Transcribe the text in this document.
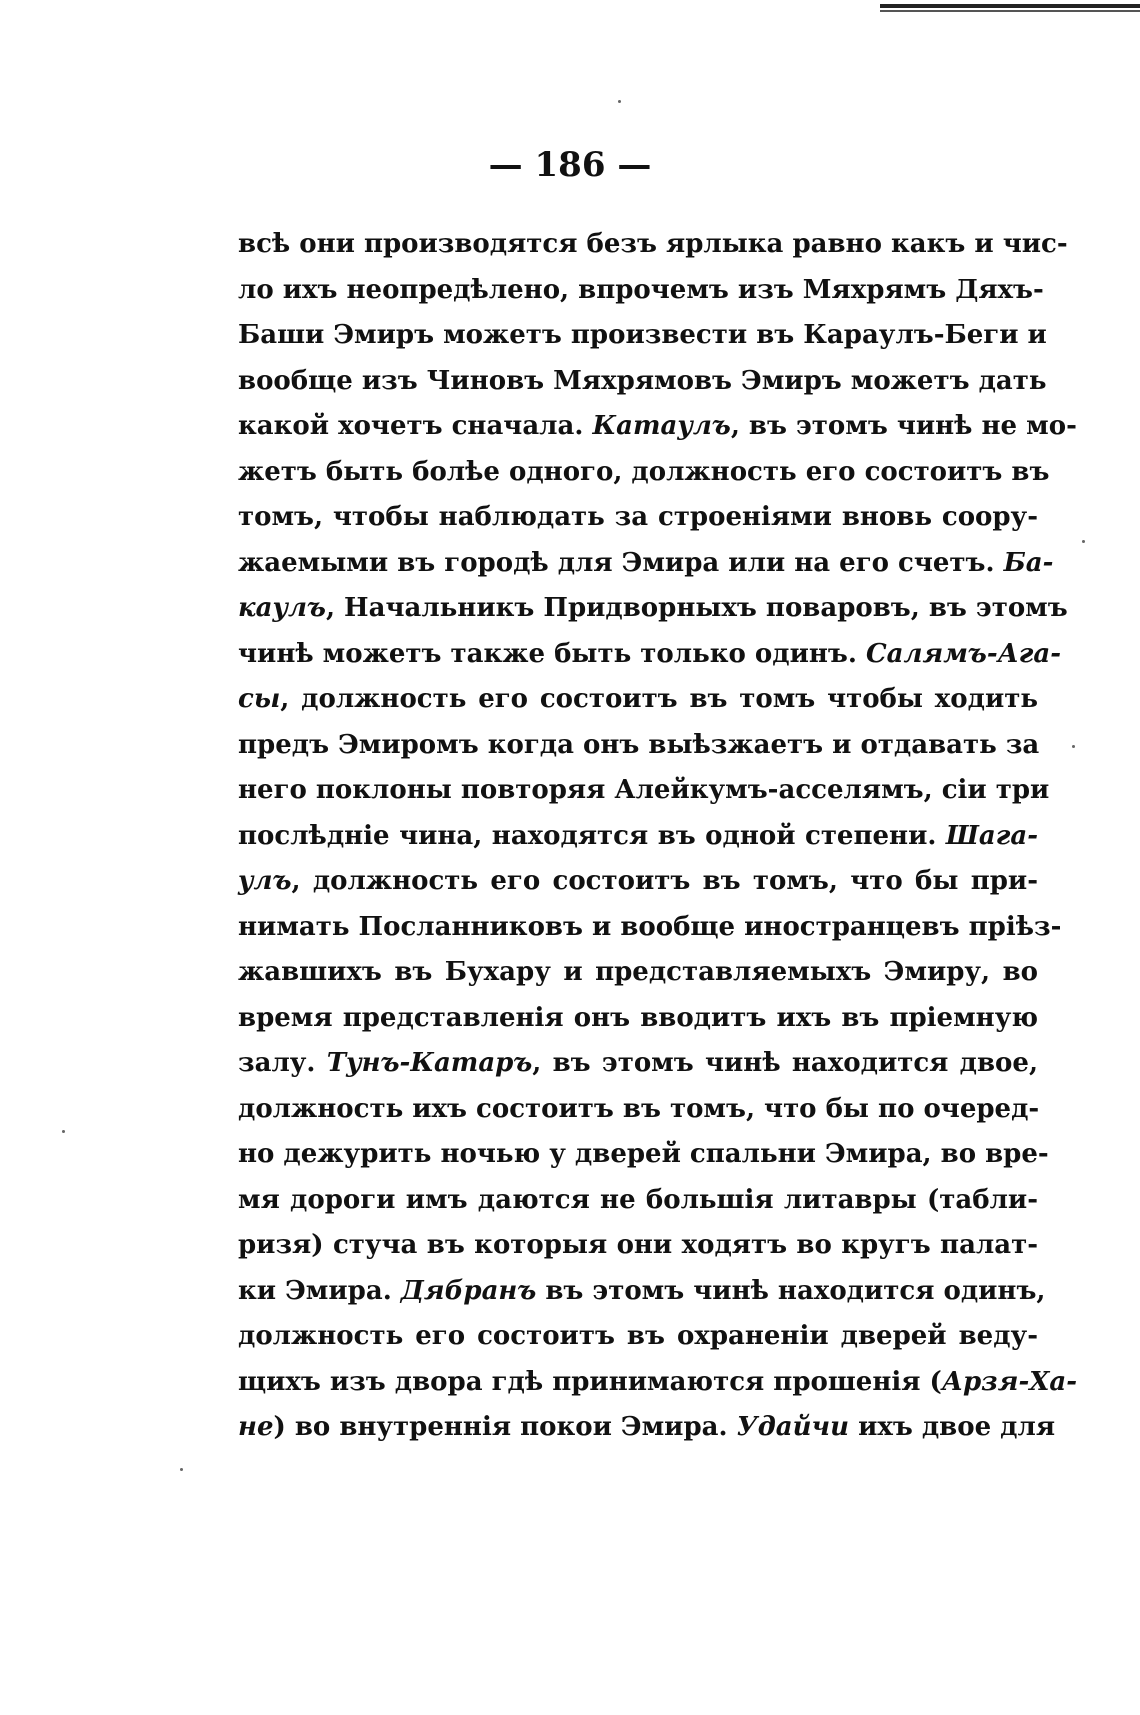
— 186 —
всѣ они производятся безъ ярлыка равно какъ и чис-
ло ихъ неопредѣлено, впрочемъ изъ Мяхрямъ Дяхъ-
Баши Эмиръ можетъ произвести въ Караулъ-Беги и
вообще изъ Чиновъ Мяхрямовъ Эмиръ можетъ дать
какой хочетъ сначала. Катаулъ, въ этомъ чинѣ не мо-
жетъ быть болѣе одного, должность его состоитъ въ
томъ, чтобы наблюдать за строеніями вновь соору-
жаемыми въ городѣ для Эмира или на его счетъ. Ба-
каулъ, Начальникъ Придворныхъ поваровъ, въ этомъ
чинѣ можетъ также быть только одинъ. Салямъ-Ага-
сы, должность его состоитъ въ томъ чтобы ходить
предъ Эмиромъ когда онъ выѣзжаетъ и отдавать за
него поклоны повторяя Алейкумъ-асселямъ, сіи три
послѣдніе чина, находятся въ одной степени. Шага-
улъ, должность его состоитъ въ томъ, что бы при-
нимать Посланниковъ и вообще иностранцевъ пріѣз-
жавшихъ въ Бухару и представляемыхъ Эмиру, во
время представленія онъ вводитъ ихъ въ пріемную
залу. Тунъ-Катаръ, въ этомъ чинѣ находится двое,
должность ихъ состоитъ въ томъ, что бы по очеред-
но дежурить ночью у дверей спальни Эмира, во вре-
мя дороги имъ даются не большія литавры (табли-
ризя) стуча въ которыя они ходятъ во кругъ палат-
ки Эмира. Дябранъ въ этомъ чинѣ находится одинъ,
должность его состоитъ въ охраненіи дверей веду-
щихъ изъ двора гдѣ принимаются прошенія (Арзя-Ха-
не) во внутреннія покои Эмира. Удайчи ихъ двое для
